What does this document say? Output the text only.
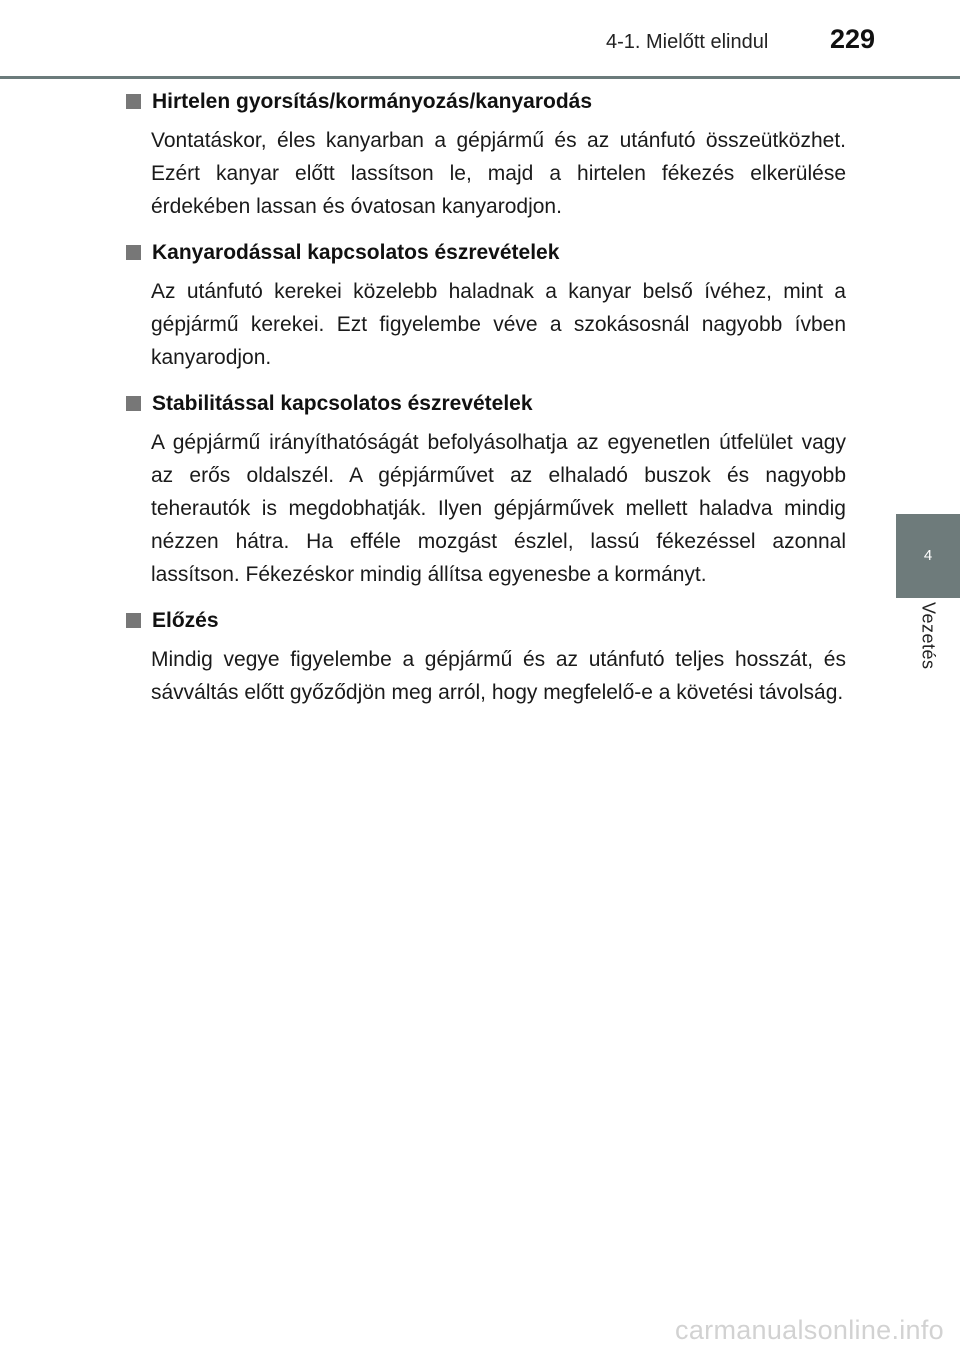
4-1. Mielőtt elindul 229
4
Vezetés
Hirtelen gyorsítás/kormányozás/kanyarodás

Vontatáskor, éles kanyarban a gépjármű és az utánfutó összeütközhet. Ezért kanyar előtt lassítson le, majd a hirtelen fékezés elkerülése érdekében lassan és óvatosan kanyarodjon.

Kanyarodással kapcsolatos észrevételek

Az utánfutó kerekei közelebb haladnak a kanyar belső ívéhez, mint a gépjármű kerekei. Ezt figyelembe véve a szokásosnál nagyobb ívben kanyarodjon.

Stabilitással kapcsolatos észrevételek

A gépjármű irányíthatóságát befolyásolhatja az egyenetlen útfelület vagy az erős oldalszél. A gépjárművet az elhaladó buszok és nagyobb teherautók is megdobhatják. Ilyen gépjárművek mellett haladva mindig nézzen hátra. Ha efféle mozgást észlel, lassú fékezéssel azonnal lassítson. Fékezéskor mindig állítsa egyenesbe a kormányt.

Előzés

Mindig vegye figyelembe a gépjármű és az utánfutó teljes hosszát, és sávváltás előtt győződjön meg arról, hogy megfelelő-e a követési távolság.

carmanualsonline.info
